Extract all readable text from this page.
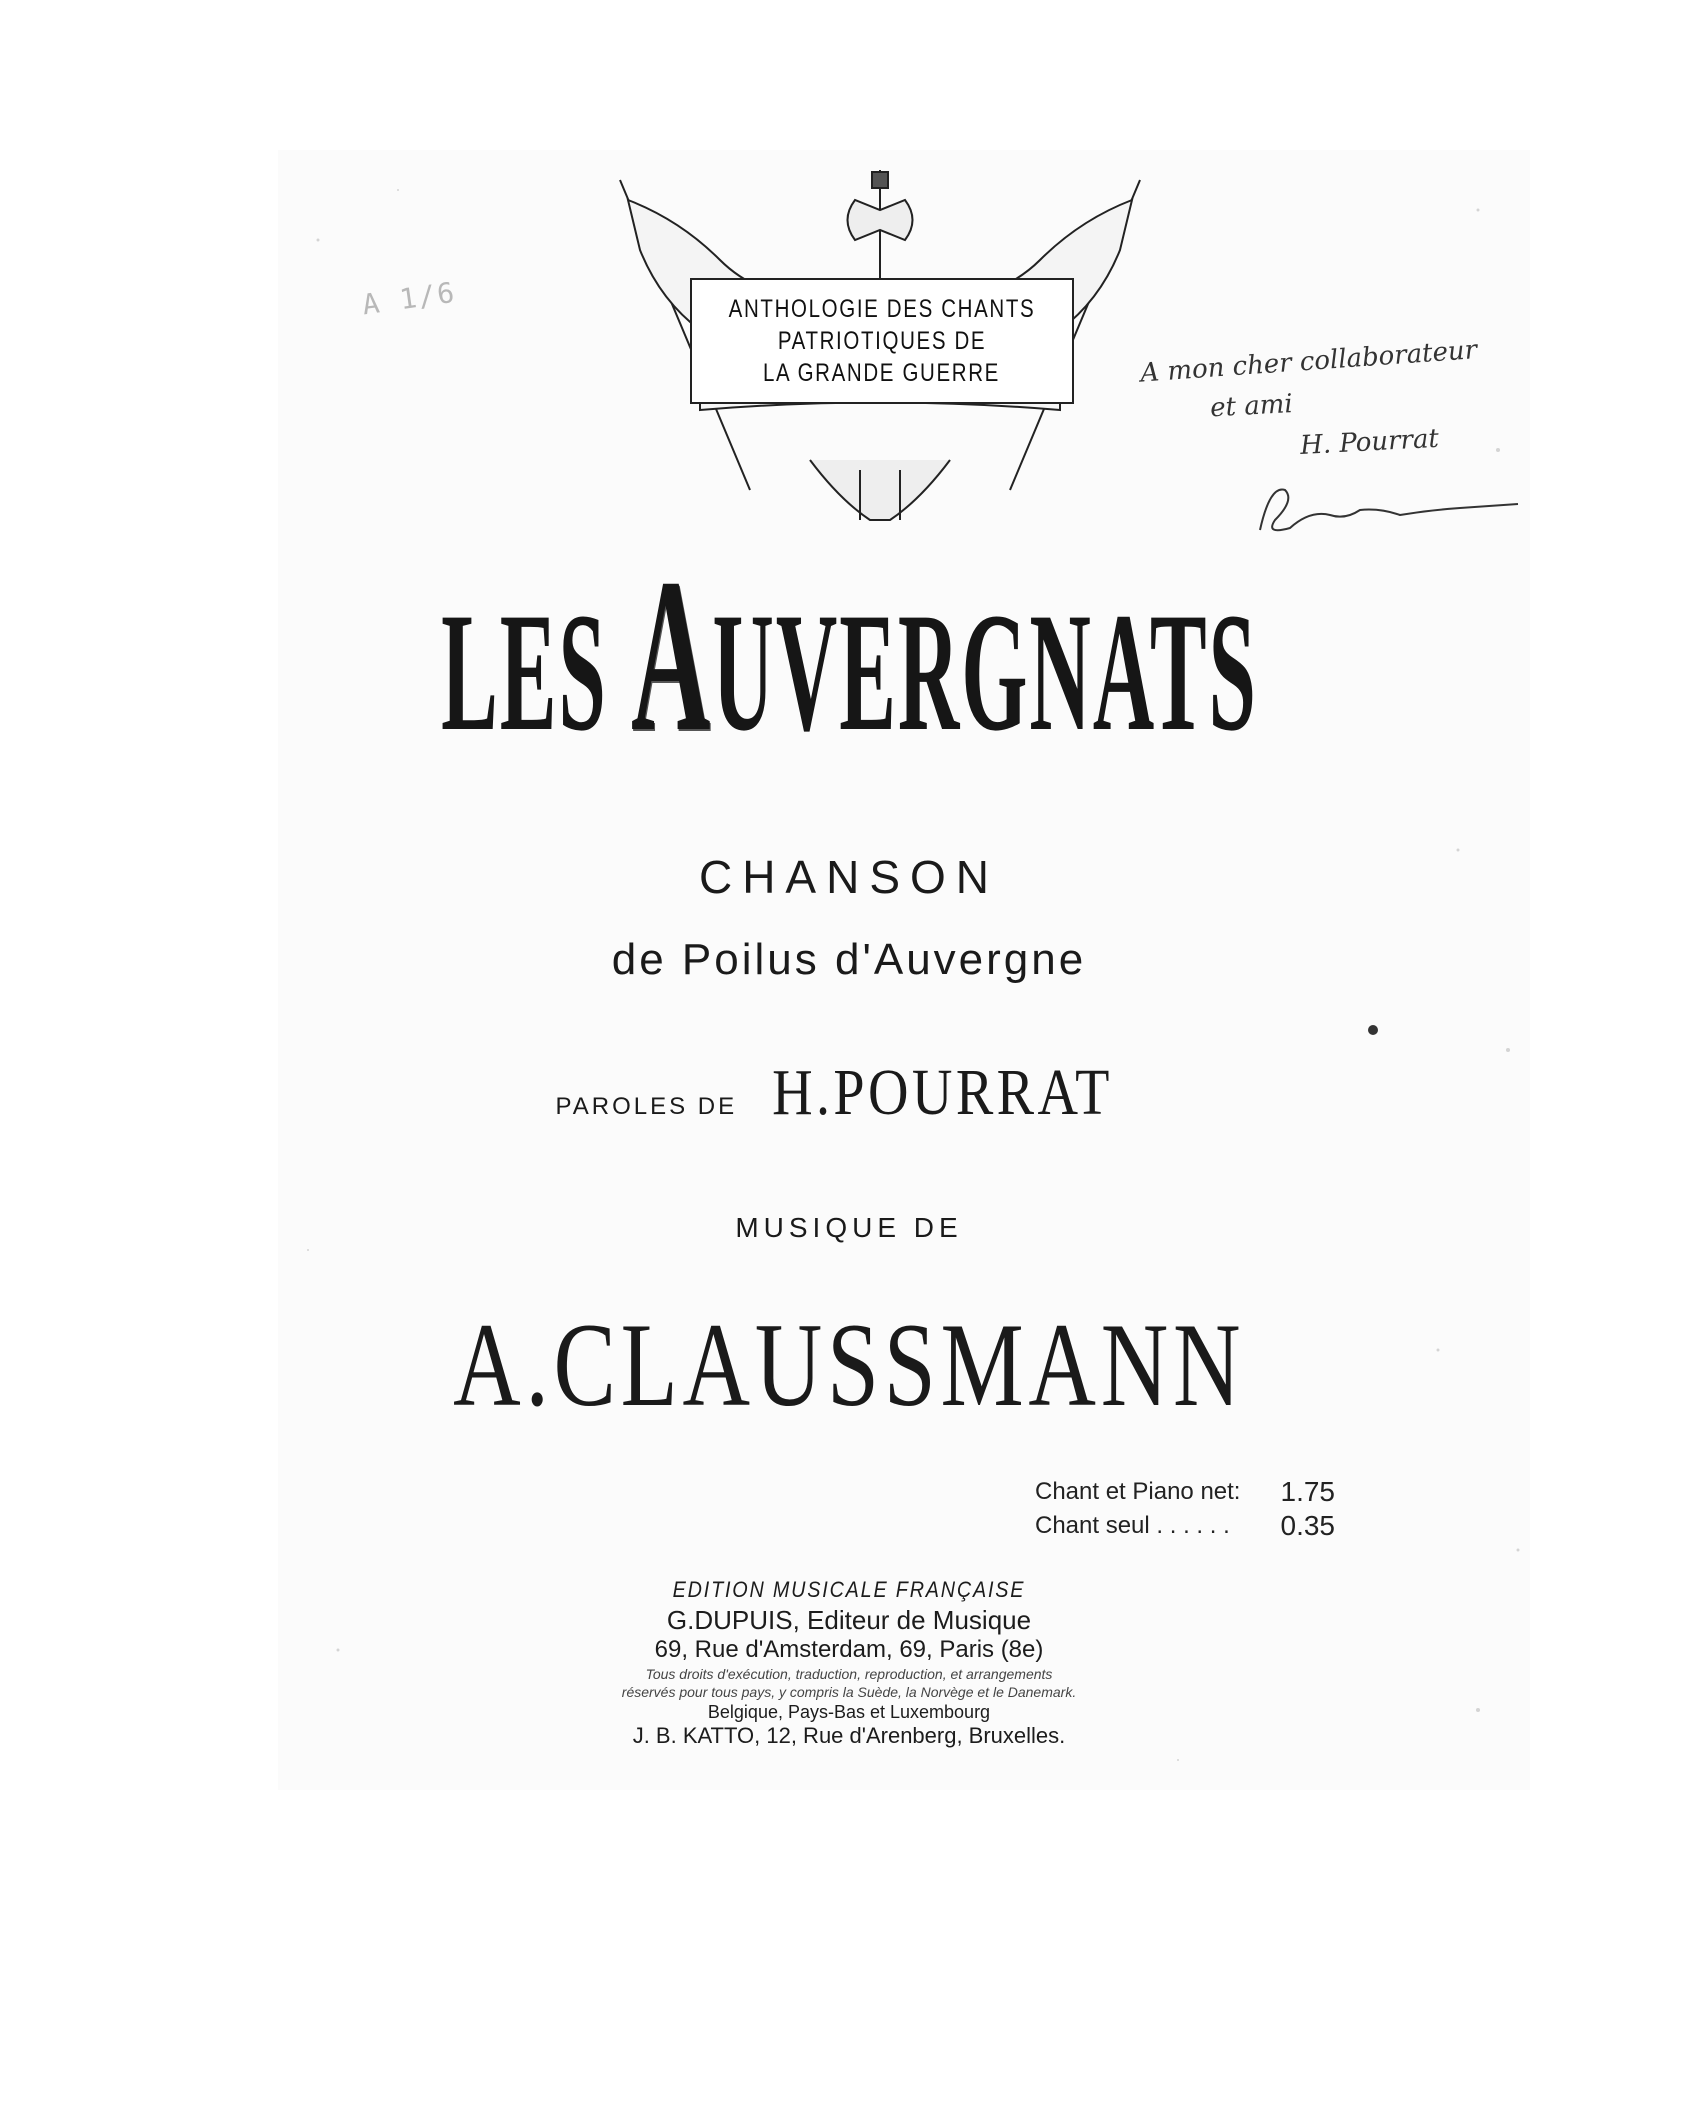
A 1/6	ANTHOLOGIE DES CHANTS
PATRIOTIQUES DE
LA GRANDE GUERRE	A mon cher collaborateur
et ami
H. Pourrat
LES AUVERGNATS
CHANSON
de Poilus d'Auvergne
PAROLES DE H.POURRAT
MUSIQUE DE
A.CLAUSSMANN
Chant et Piano net: 1.75
Chant seul . . . . . . 0.35
EDITION MUSICALE FRANÇAISE
G.DUPUIS, Editeur de Musique
69, Rue d'Amsterdam, 69, Paris (8e)
Tous droits d'exécution, traduction, reproduction, et arrangements réservés pour tous pays, y compris la Suède, la Norvège et le Danemark.
Belgique, Pays-Bas et Luxembourg
J. B. KATTO, 12, Rue d'Arenberg, Bruxelles.
